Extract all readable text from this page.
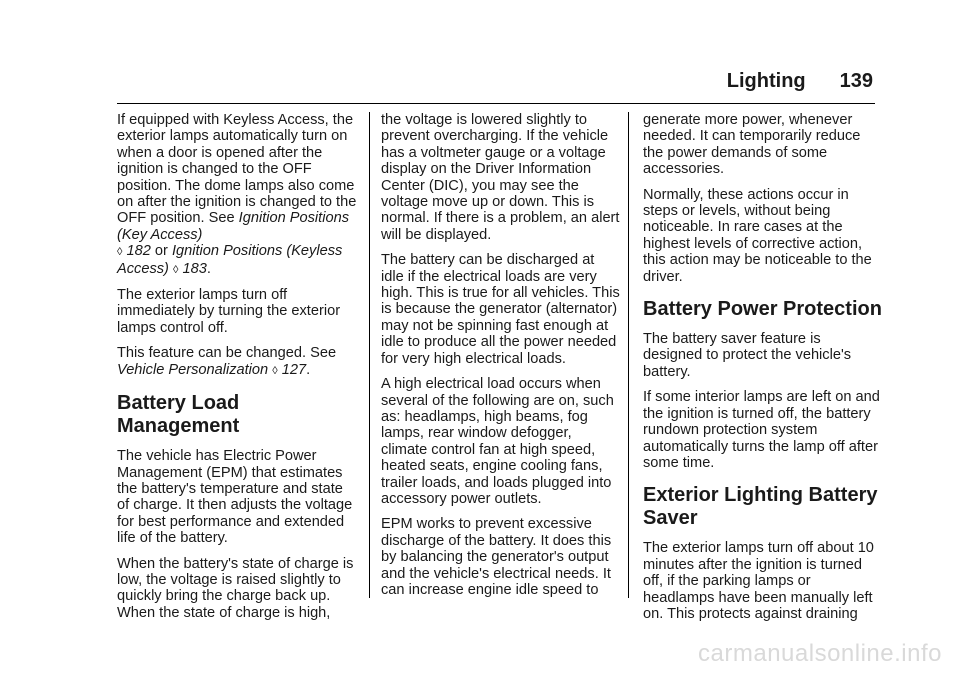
Lighting 139

If equipped with Keyless Access, the exterior lamps automatically turn on when a door is opened after the ignition is changed to the OFF position. The dome lamps also come on after the ignition is changed to the OFF position. See Ignition Positions (Key Access)
◊ 182 or Ignition Positions (Keyless Access) ◊ 183.

The exterior lamps turn off immediately by turning the exterior lamps control off.

This feature can be changed. See Vehicle Personalization ◊ 127.

Battery Load Management

The vehicle has Electric Power Management (EPM) that estimates the battery's temperature and state of charge. It then adjusts the voltage for best performance and extended life of the battery.

When the battery's state of charge is low, the voltage is raised slightly to quickly bring the charge back up. When the state of charge is high,

the voltage is lowered slightly to prevent overcharging. If the vehicle has a voltmeter gauge or a voltage display on the Driver Information Center (DIC), you may see the voltage move up or down. This is normal. If there is a problem, an alert will be displayed.

The battery can be discharged at idle if the electrical loads are very high. This is true for all vehicles. This is because the generator (alternator) may not be spinning fast enough at idle to produce all the power needed for very high electrical loads.

A high electrical load occurs when several of the following are on, such as: headlamps, high beams, fog lamps, rear window defogger, climate control fan at high speed, heated seats, engine cooling fans, trailer loads, and loads plugged into accessory power outlets.

EPM works to prevent excessive discharge of the battery. It does this by balancing the generator's output and the vehicle's electrical needs. It can increase engine idle speed to

generate more power, whenever needed. It can temporarily reduce the power demands of some accessories.

Normally, these actions occur in steps or levels, without being noticeable. In rare cases at the highest levels of corrective action, this action may be noticeable to the driver.

Battery Power Protection

The battery saver feature is designed to protect the vehicle's battery.

If some interior lamps are left on and the ignition is turned off, the battery rundown protection system automatically turns the lamp off after some time.

Exterior Lighting Battery Saver

The exterior lamps turn off about 10 minutes after the ignition is turned off, if the parking lamps or headlamps have been manually left on. This protects against draining

carmanualsonline.info
